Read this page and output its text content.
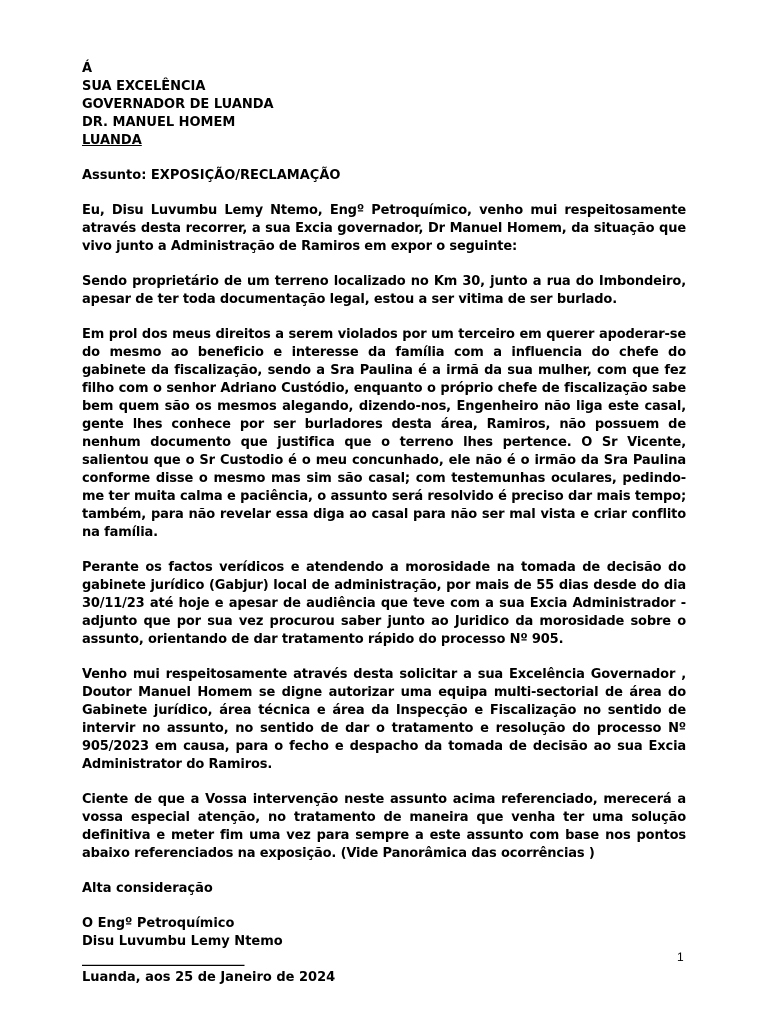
Á
SUA EXCELÊNCIA
GOVERNADOR DE LUANDA
DR. MANUEL HOMEM
LUANDA
Assunto: EXPOSIÇÃO/RECLAMAÇÃO

Eu, Disu Luvumbu Lemy Ntemo, Engº Petroquímico, venho mui respeitosamente através desta recorrer, a sua Excia governador, Dr Manuel Homem, da situação que vivo junto a Administração de Ramiros em expor o seguinte:

Sendo proprietário de um terreno localizado no Km 30, junto a rua do Imbondeiro, apesar de ter toda documentação legal, estou a ser vitima de ser burlado.

Em prol dos meus direitos a serem violados por um terceiro em querer apoderar-se do mesmo ao beneficio e interesse da família com a influencia do chefe do gabinete da fiscalização, sendo a Sra Paulina é a irmã da sua mulher, com que fez filho com o senhor Adriano Custódio, enquanto o próprio chefe de fiscalização sabe bem quem são os mesmos alegando, dizendo-nos, Engenheiro não liga este casal, gente lhes conhece por ser burladores desta área, Ramiros, não possuem de nenhum documento que justifica que o terreno lhes pertence. O Sr Vicente, salientou que o Sr Custodio é o meu concunhado, ele não é o irmão da Sra Paulina conforme disse o mesmo mas sim são casal; com testemunhas oculares, pedindo-me ter muita calma e paciência, o assunto será resolvido é preciso dar mais tempo; também, para não revelar essa diga ao casal para não ser mal vista e criar conflito na família.

Perante os factos verídicos e atendendo a morosidade na tomada de decisão do gabinete jurídico (Gabjur) local de administração, por mais de 55 dias desde do dia 30/11/23 até hoje e apesar de audiência que teve com a sua Excia Administrador - adjunto que por sua vez procurou saber junto ao Juridico da morosidade sobre o assunto, orientando de dar tratamento rápido do processo Nº 905.

Venho mui respeitosamente através desta solicitar a sua Excelência Governador , Doutor Manuel Homem se digne autorizar uma equipa multi-sectorial de área do Gabinete jurídico, área técnica e área da Inspecção e Fiscalização no sentido de intervir no assunto, no sentido de dar o tratamento e resolução do processo Nº 905/2023 em causa, para o fecho e despacho da tomada de decisão ao sua Excia Administrator do Ramiros.

Ciente de que a Vossa intervenção neste assunto acima referenciado, merecerá a vossa especial atenção, no tratamento de maneira que venha ter uma solução definitiva e meter fim uma vez para sempre a este assunto com base nos pontos abaixo referenciados na exposição. (Vide Panorâmica das ocorrências )

Alta consideração
O Engº Petroquímico
Disu Luvumbu Lemy Ntemo
_________________________
Luanda, aos 25 de Janeiro de 2024
1
